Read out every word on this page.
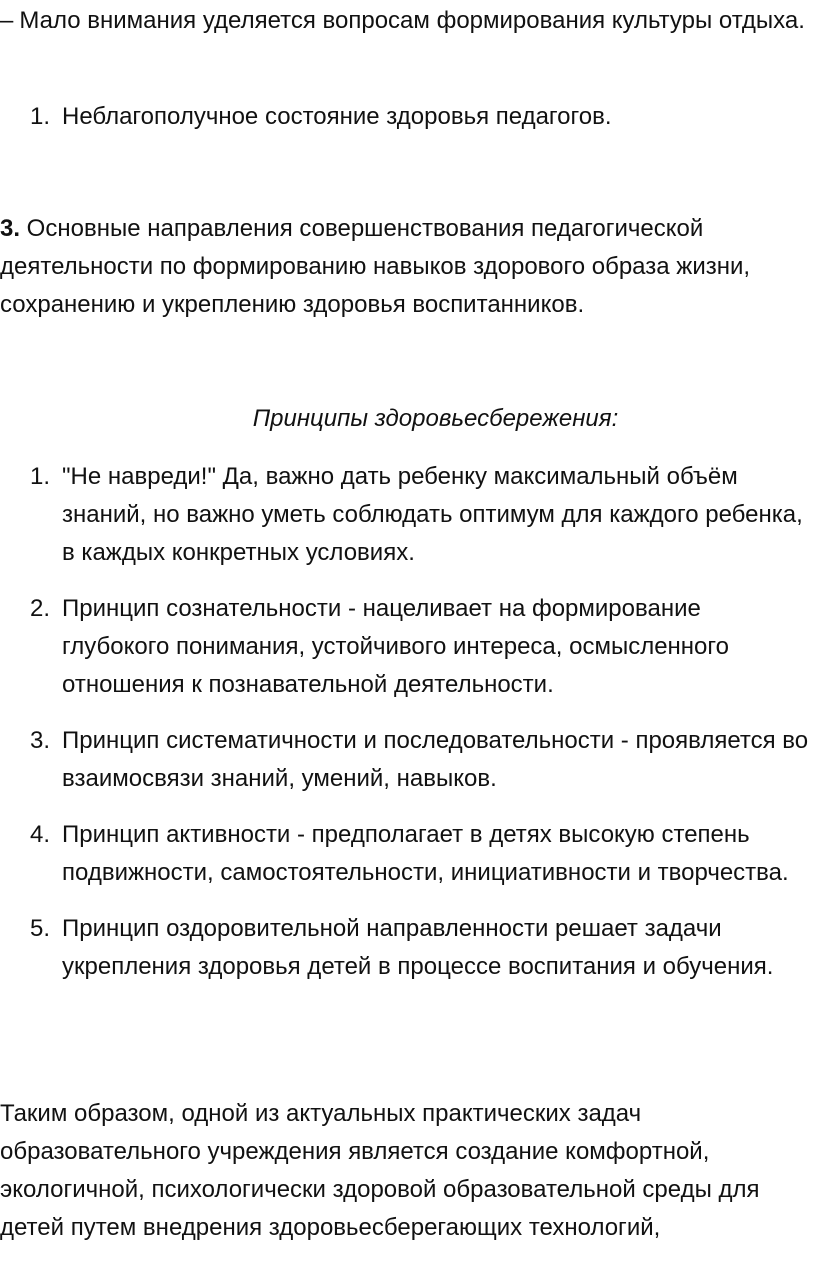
– Мало внимания уделяется вопросам формирования культуры отдыха.

1. Неблагополучное состояние здоровья педагогов.

3. Основные направления совершенствования педагогической деятельности по формированию навыков здорового образа жизни, сохранению и укреплению здоровья воспитанников.

Принципы здоровьесбережения:
1. "Не навреди!" Да, важно дать ребенку максимальный объём знаний, но важно уметь соблюдать оптимум для каждого ребенка, в каждых конкретных условиях.
2. Принцип сознательности - нацеливает на формирование глубокого понимания, устойчивого интереса, осмысленного отношения к познавательной деятельности.
3. Принцип систематичности и последовательности - проявляется во взаимосвязи знаний, умений, навыков.
4. Принцип активности - предполагает в детях высокую степень подвижности, самостоятельности, инициативности и творчества.
5. Принцип оздоровительной направленности решает задачи укрепления здоровья детей в процессе воспитания и обучения.

Таким образом, одной из актуальных практических задач образовательного учреждения является создание комфортной, экологичной, психологически здоровой образовательной среды для детей путем внедрения здоровьесберегающих технологий,
